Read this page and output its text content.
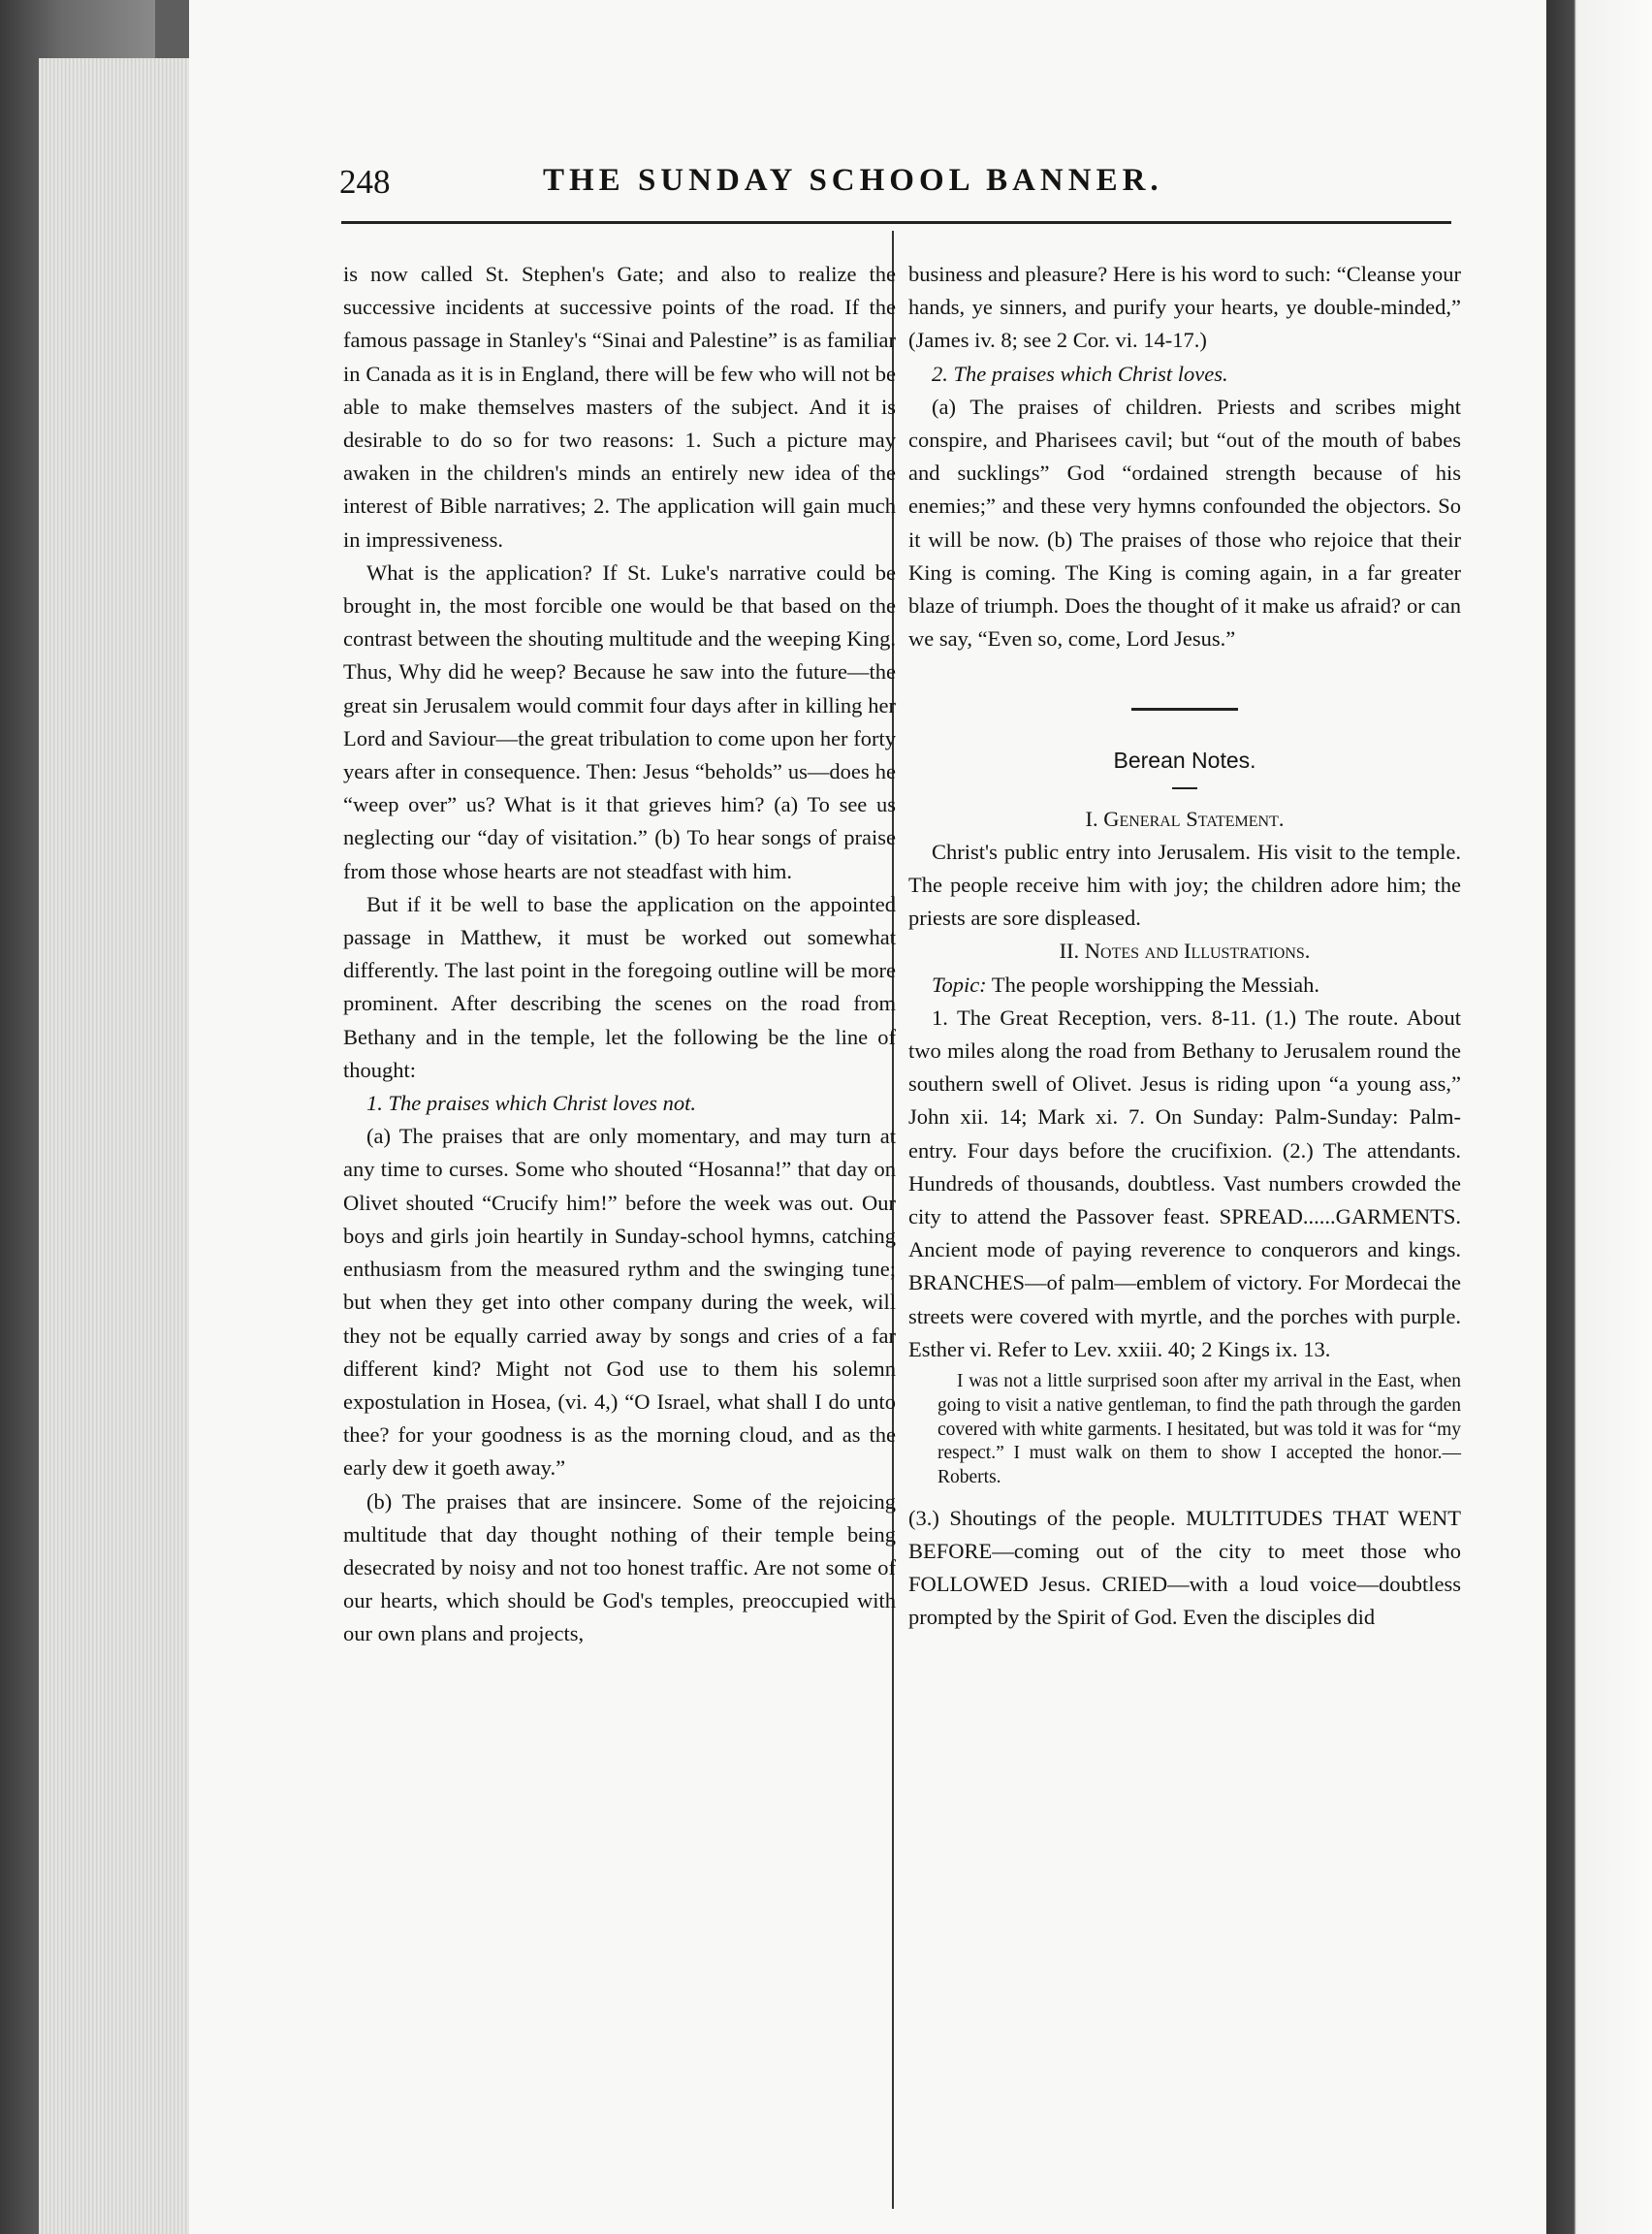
248	THE SUNDAY SCHOOL BANNER.

is now called St. Stephen's Gate; and also to realize the successive incidents at successive points of the road. If the famous passage in Stanley's “Sinai and Palestine” is as familiar in Canada as it is in England, there will be few who will not be able to make themselves masters of the subject. And it is desirable to do so for two reasons: 1. Such a picture may awaken in the children's minds an entirely new idea of the interest of Bible narratives; 2. The application will gain much in impressiveness.

What is the application? If St. Luke's narrative could be brought in, the most forcible one would be that based on the contrast between the shouting multitude and the weeping King. Thus, Why did he weep? Because he saw into the future—the great sin Jerusalem would commit four days after in killing her Lord and Saviour—the great tribulation to come upon her forty years after in consequence. Then: Jesus “beholds” us—does he “weep over” us? What is it that grieves him? (a) To see us neglecting our “day of visitation.” (b) To hear songs of praise from those whose hearts are not steadfast with him.

But if it be well to base the application on the appointed passage in Matthew, it must be worked out somewhat differently. The last point in the foregoing outline will be more prominent. After describing the scenes on the road from Bethany and in the temple, let the following be the line of thought:

1. The praises which Christ loves not.

(a) The praises that are only momentary, and may turn at any time to curses. Some who shouted “Hosanna!” that day on Olivet shouted “Crucify him!” before the week was out. Our boys and girls join heartily in Sunday-school hymns, catching enthusiasm from the measured rythm and the swinging tune; but when they get into other company during the week, will they not be equally carried away by songs and cries of a far different kind? Might not God use to them his solemn expostulation in Hosea, (vi. 4,) “O Israel, what shall I do unto thee? for your goodness is as the morning cloud, and as the early dew it goeth away.”

(b) The praises that are insincere. Some of the rejoicing multitude that day thought nothing of their temple being desecrated by noisy and not too honest traffic. Are not some of our hearts, which should be God's temples, preoccupied with our own plans and projects,

business and pleasure? Here is his word to such: “Cleanse your hands, ye sinners, and purify your hearts, ye double-minded,” (James iv. 8; see 2 Cor. vi. 14-17.)

2. The praises which Christ loves.

(a) The praises of children. Priests and scribes might conspire, and Pharisees cavil; but “out of the mouth of babes and sucklings” God “ordained strength because of his enemies;” and these very hymns confounded the objectors. So it will be now. (b) The praises of those who rejoice that their King is coming. The King is coming again, in a far greater blaze of triumph. Does the thought of it make us afraid? or can we say, “Even so, come, Lord Jesus.”

Berean Notes.

I. General Statement.

Christ's public entry into Jerusalem. His visit to the temple. The people receive him with joy; the children adore him; the priests are sore displeased.

II. Notes and Illustrations.

Topic: The people worshipping the Messiah.

1. The Great Reception, vers. 8-11. (1.) The route. About two miles along the road from Bethany to Jerusalem round the southern swell of Olivet. Jesus is riding upon “a young ass,” John xii. 14; Mark xi. 7. On Sunday: Palm-Sunday: Palm-entry. Four days before the crucifixion. (2.) The attendants. Hundreds of thousands, doubtless. Vast numbers crowded the city to attend the Passover feast. SPREAD......GARMENTS. Ancient mode of paying reverence to conquerors and kings. BRANCHES—of palm—emblem of victory. For Mordecai the streets were covered with myrtle, and the porches with purple. Esther vi. Refer to Lev. xxiii. 40; 2 Kings ix. 13.

I was not a little surprised soon after my arrival in the East, when going to visit a native gentleman, to find the path through the garden covered with white garments. I hesitated, but was told it was for “my respect.” I must walk on them to show I accepted the honor.—Roberts.

(3.) Shoutings of the people. MULTITUDES THAT WENT BEFORE—coming out of the city to meet those who FOLLOWED Jesus. CRIED—with a loud voice—doubtless prompted by the Spirit of God. Even the disciples did
